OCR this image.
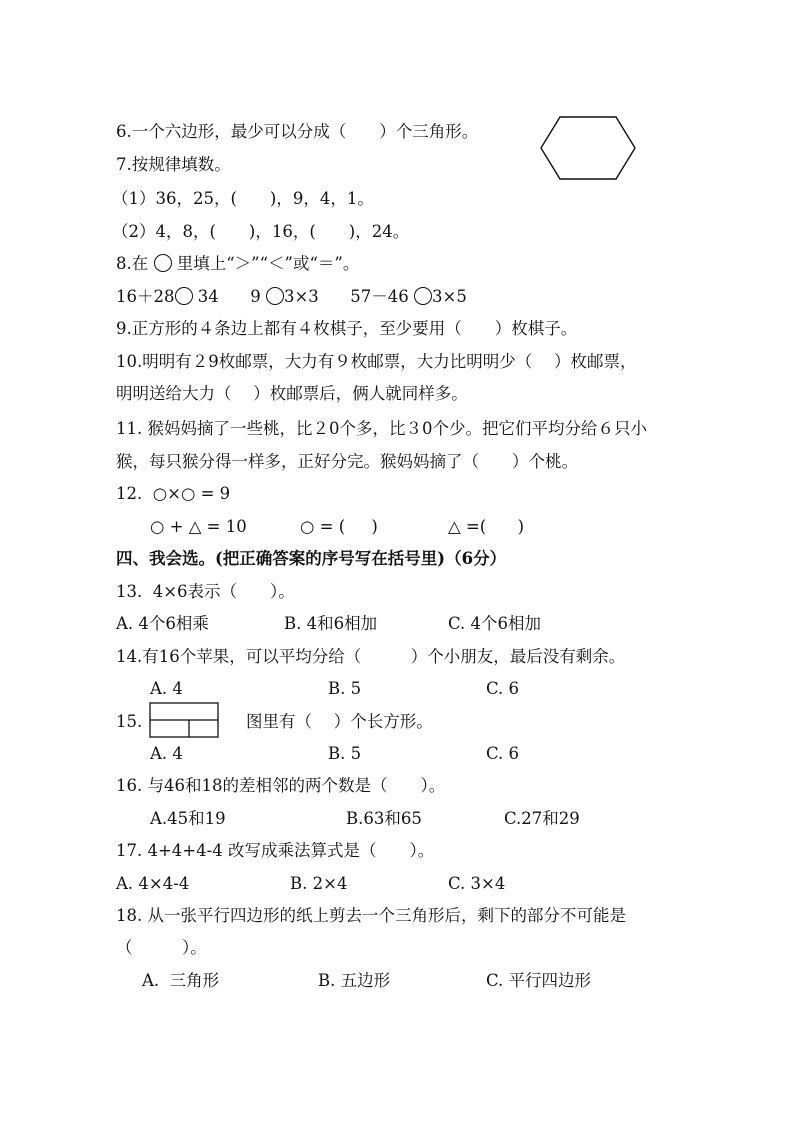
6.一个六边形，最少可以分成（　　）个三角形。
7.按规律填数。
（1）36，25，(　　)，9，4，1。
（2）4，8，(　　)，16，(　　)，24。
8.在 里填上“＞”“＜”或“＝”。
16＋28 34 9 3×3 57－46 3×5
9.正方形的４条边上都有４枚棋子，至少要用（　　）枚棋子。
10.明明有２9枚邮票，大力有９枚邮票，大力比明明少（　 ）枚邮票，
明明送给大力（　 ）枚邮票后，俩人就同样多。
11. 猴妈妈摘了一些桃，比２0个多，比３0个少。把它们平均分给６只小
猴，每只猴分得一样多，正好分完。猴妈妈摘了（　　）个桃。
12.  ○×○ = 9
○ + △ = 10	○ = (     )	△ =(      )
四、我会选。(把正确答案的序号写在括号里)（6分）
13.  4×6表示（　　）。
A. 4个6相乘	B. 4和6相加	C. 4个6相加
14.有16个苹果，可以平均分给（　　　）个小朋友，最后没有剩余。
A. 4	B. 5	C. 6
15.	图里有（　 ）个长方形。
A. 4	B. 5	C. 6
16. 与46和18的差相邻的两个数是（　　）。
A.45和19	B.63和65	C.27和29
17. 4+4+4-4 改写成乘法算式是（　　）。
A. 4×4-4	B. 2×4	C. 3×4
18. 从一张平行四边形的纸上剪去一个三角形后，剩下的部分不可能是
（　　　）。
A.  三角形	B. 五边形	C. 平行四边形
